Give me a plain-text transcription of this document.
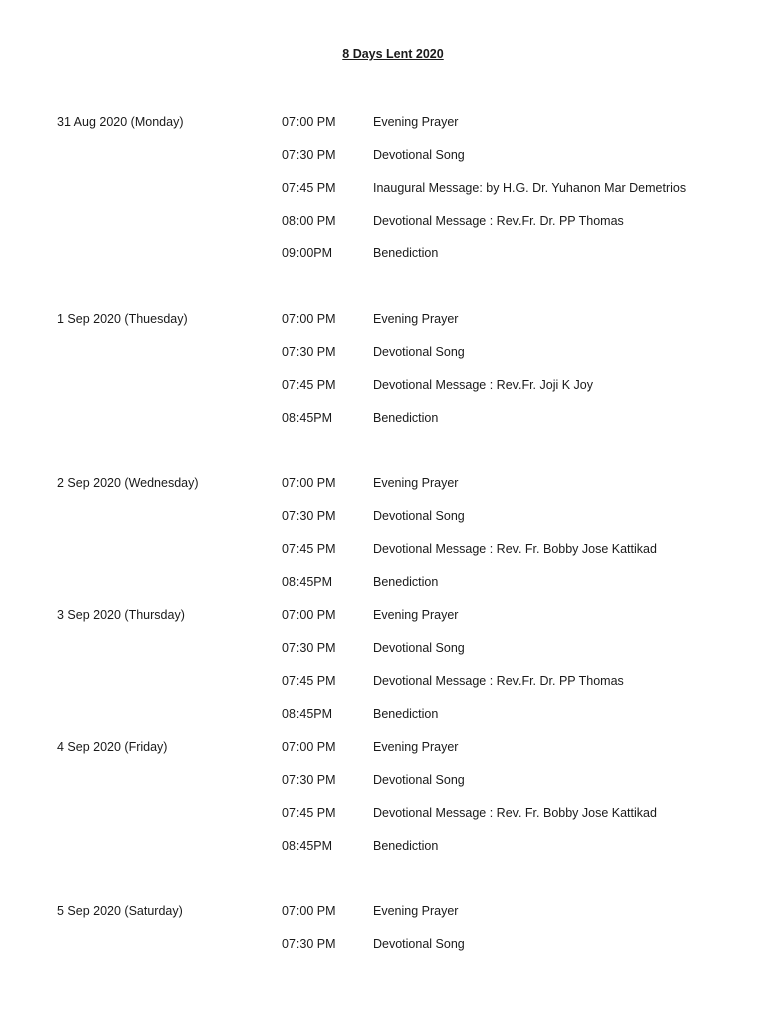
8 Days Lent 2020
31 Aug 2020 (Monday)	07:00 PM	Evening Prayer
07:30 PM	Devotional Song
07:45 PM	Inaugural Message: by H.G. Dr. Yuhanon Mar Demetrios
08:00 PM	Devotional Message : Rev.Fr. Dr. PP Thomas
09:00PM	Benediction
1 Sep 2020 (Thuesday)	07:00 PM	Evening Prayer
07:30 PM	Devotional Song
07:45 PM	Devotional Message : Rev.Fr. Joji K Joy
08:45PM	Benediction
2 Sep 2020 (Wednesday)	07:00 PM	Evening Prayer
07:30 PM	Devotional Song
07:45 PM	Devotional Message : Rev. Fr. Bobby Jose Kattikad
08:45PM	Benediction
3 Sep 2020 (Thursday)	07:00 PM	Evening Prayer
07:30 PM	Devotional Song
07:45 PM	Devotional Message : Rev.Fr. Dr. PP Thomas
08:45PM	Benediction
4 Sep 2020 (Friday)	07:00 PM	Evening Prayer
07:30 PM	Devotional Song
07:45 PM	Devotional Message : Rev. Fr. Bobby Jose Kattikad
08:45PM	Benediction
5 Sep 2020 (Saturday)	07:00 PM	Evening Prayer
07:30 PM	Devotional Song
